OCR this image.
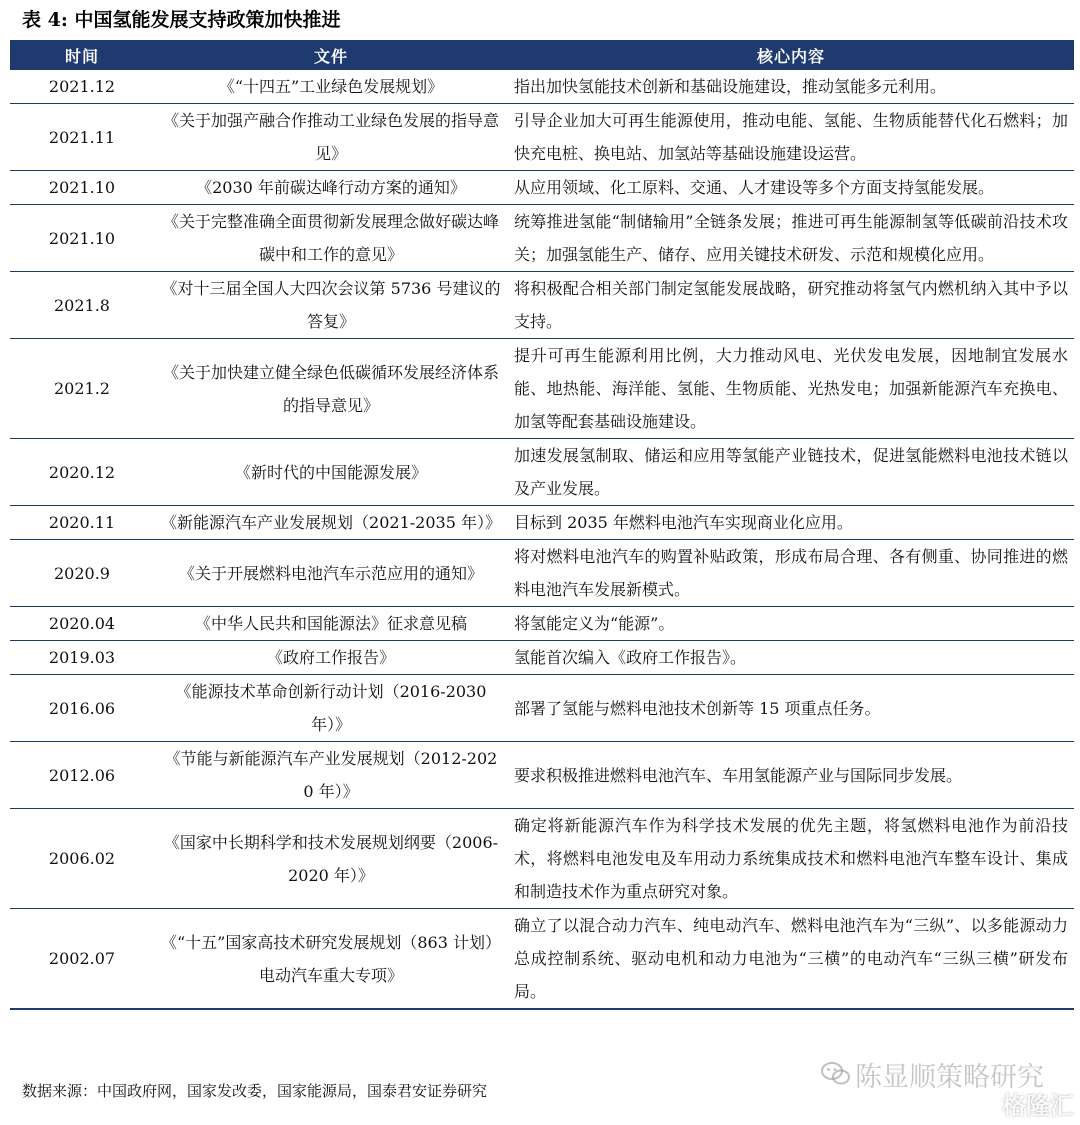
表 4: 中国氢能发展支持政策加快推进
时间	文件	核心内容
2021.12	《“十四五”工业绿色发展规划》	指出加快氢能技术创新和基础设施建设，推动氢能多元利用。
2021.11	《关于加强产融合作推动工业绿色发展的指导意见》	引导企业加大可再生能源使用，推动电能、氢能、生物质能替代化石燃料；加快充电桩、换电站、加氢站等基础设施建设运营。
2021.10	《2030 年前碳达峰行动方案的通知》	从应用领域、化工原料、交通、人才建设等多个方面支持氢能发展。
2021.10	《关于完整准确全面贯彻新发展理念做好碳达峰碳中和工作的意见》	统筹推进氢能“制储输用”全链条发展；推进可再生能源制氢等低碳前沿技术攻关；加强氢能生产、储存、应用关键技术研发、示范和规模化应用。
2021.8	《对十三届全国人大四次会议第 5736 号建议的答复》	将积极配合相关部门制定氢能发展战略，研究推动将氢气内燃机纳入其中予以支持。
2021.2	《关于加快建立健全绿色低碳循环发展经济体系的指导意见》	提升可再生能源利用比例，大力推动风电、光伏发电发展，因地制宜发展水能、地热能、海洋能、氢能、生物质能、光热发电；加强新能源汽车充换电、加氢等配套基础设施建设。
2020.12	《新时代的中国能源发展》	加速发展氢制取、储运和应用等氢能产业链技术，促进氢能燃料电池技术链以及产业发展。
2020.11	《新能源汽车产业发展规划（2021-2035 年）》	目标到 2035 年燃料电池汽车实现商业化应用。
2020.9	《关于开展燃料电池汽车示范应用的通知》	将对燃料电池汽车的购置补贴政策，形成布局合理、各有侧重、协同推进的燃料电池汽车发展新模式。
2020.04	《中华人民共和国能源法》征求意见稿	将氢能定义为“能源”。
2019.03	《政府工作报告》	氢能首次编入《政府工作报告》。
2016.06	《能源技术革命创新行动计划（2016-2030 年）》	部署了氢能与燃料电池技术创新等 15 项重点任务。
2012.06	《节能与新能源汽车产业发展规划（2012-2020 年）》	要求积极推进燃料电池汽车、车用氢能源产业与国际同步发展。
2006.02	《国家中长期科学和技术发展规划纲要（2006-2020 年）》	确定将新能源汽车作为科学技术发展的优先主题，将氢燃料电池作为前沿技术，将燃料电池发电及车用动力系统集成技术和燃料电池汽车整车设计、集成和制造技术作为重点研究对象。
2002.07	《“十五”国家高技术研究发展规划（863 计划）电动汽车重大专项》	确立了以混合动力汽车、纯电动汽车、燃料电池汽车为“三纵”、以多能源动力总成控制系统、驱动电机和动力电池为“三横”的电动汽车“三纵三横”研发布局。
数据来源：中国政府网，国家发改委，国家能源局，国泰君安证券研究	陈显顺策略研究
格隆汇
